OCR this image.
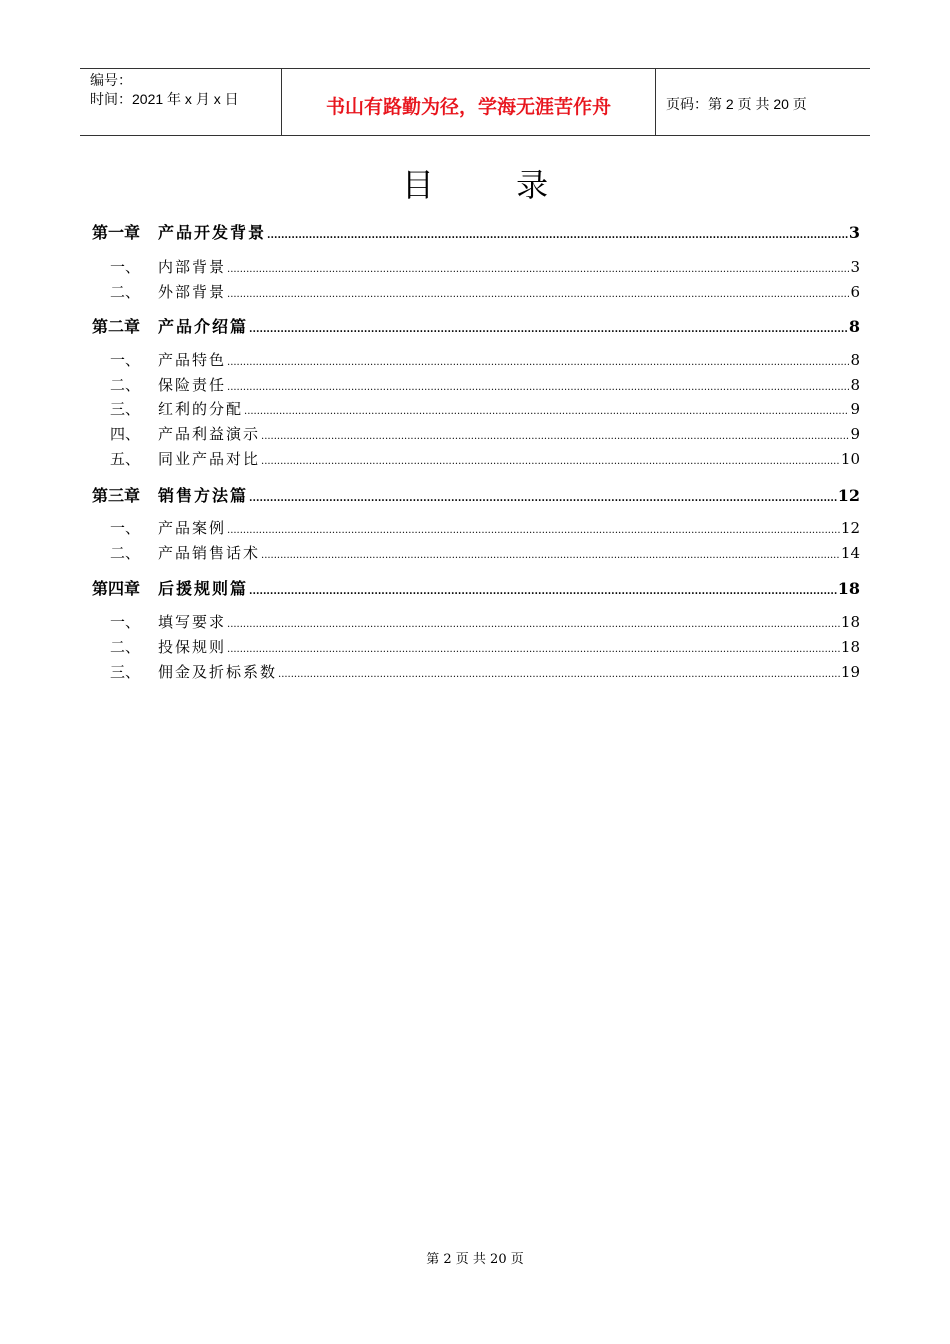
编号：
时间：2021 年 x 月 x 日	书山有路勤为径，学海无涯苦作舟	页码：第 2 页 共 20 页
目 录
第一章	产品开发背景 .....	3
一、	内部背景 .....	3
二、	外部背景 .....	6
第二章	产品介绍篇 .....	8
一、	产品特色 .....	8
二、	保险责任 .....	8
三、	红利的分配 .....	9
四、	产品利益演示 .....	9
五、	同业产品对比 .....	10
第三章	销售方法篇 .....	12
一、	产品案例 .....	12
二、	产品销售话术 .....	14
第四章	后援规则篇 .....	18
一、	填写要求 .....	18
二、	投保规则 .....	18
三、	佣金及折标系数 .....	19
第 2 页 共 20 页
